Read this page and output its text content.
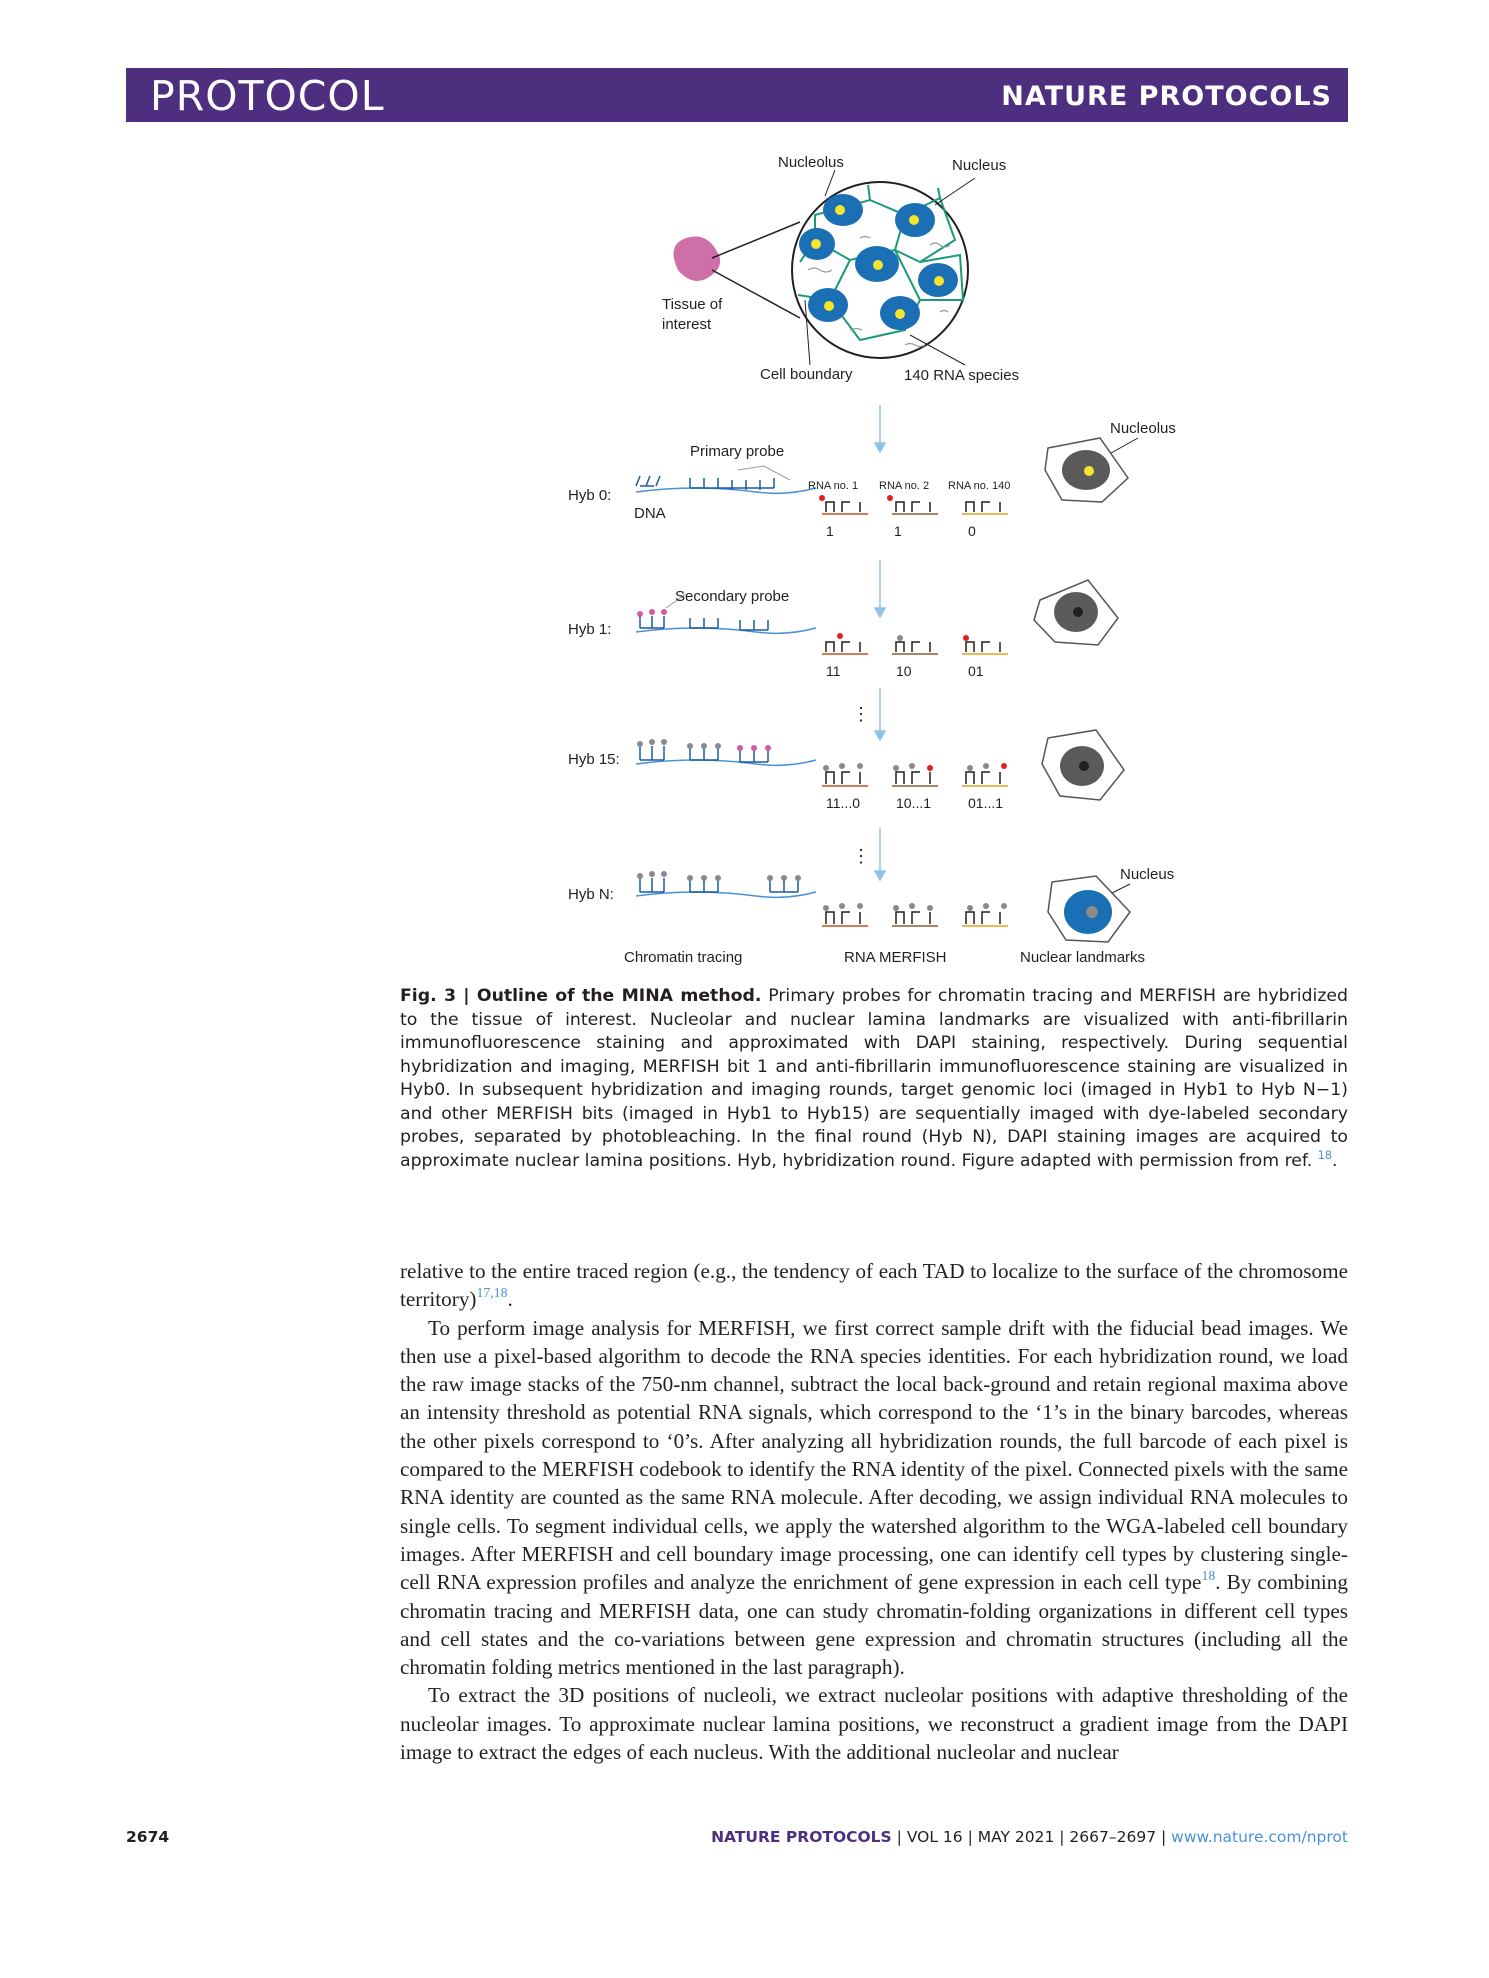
PROTOCOL	NATURE PROTOCOLS
Tissue of
interest
Nucleolus	Nucleus
Cell boundary	140 RNA species
⋮
⋮
Hyb 0:
Hyb 1:
Hyb 15:
Hyb N:
Primary probe
DNA
Secondary probe
RNA no. 1 RNA no. 2 RNA no. 140
1	1	0
11	10	01
11...0	10...1	01...1
Nucleolus
Nucleus
Chromatin tracing	RNA MERFISH	Nuclear landmarks
Fig. 3 | Outline of the MINA method. Primary probes for chromatin tracing and MERFISH are hybridized to the tissue of interest. Nucleolar and nuclear lamina landmarks are visualized with anti-fibrillarin immunofluorescence staining and approximated with DAPI staining, respectively. During sequential hybridization and imaging, MERFISH bit 1 and anti-fibrillarin immunofluorescence staining are visualized in Hyb0. In subsequent hybridization and imaging rounds, target genomic loci (imaged in Hyb1 to Hyb N−1) and other MERFISH bits (imaged in Hyb1 to Hyb15) are sequentially imaged with dye-labeled secondary probes, separated by photobleaching. In the final round (Hyb N), DAPI staining images are acquired to approximate nuclear lamina positions. Hyb, hybridization round. Figure adapted with permission from ref. $^{18}$.

relative to the entire traced region (e.g., the tendency of each TAD to localize to the surface of the chromosome territory)$^{17,18}$.

To perform image analysis for MERFISH, we first correct sample drift with the fiducial bead images. We then use a pixel-based algorithm to decode the RNA species identities. For each hybridization round, we load the raw image stacks of the 750-nm channel, subtract the local back-ground and retain regional maxima above an intensity threshold as potential RNA signals, which correspond to the ‘1’s in the binary barcodes, whereas the other pixels correspond to ‘0’s. After analyzing all hybridization rounds, the full barcode of each pixel is compared to the MERFISH codebook to identify the RNA identity of the pixel. Connected pixels with the same RNA identity are counted as the same RNA molecule. After decoding, we assign individual RNA molecules to single cells. To segment individual cells, we apply the watershed algorithm to the WGA-labeled cell boundary images. After MERFISH and cell boundary image processing, one can identify cell types by clustering single-cell RNA expression profiles and analyze the enrichment of gene expression in each cell type$^{18}$. By combining chromatin tracing and MERFISH data, one can study chromatin-folding organizations in different cell types and cell states and the co-variations between gene expression and chromatin structures (including all the chromatin folding metrics mentioned in the last paragraph).

To extract the 3D positions of nucleoli, we extract nucleolar positions with adaptive thresholding of the nucleolar images. To approximate nuclear lamina positions, we reconstruct a gradient image from the DAPI image to extract the edges of each nucleus. With the additional nucleolar and nuclear

2674	NATURE PROTOCOLS | VOL 16 | MAY 2021 | 2667–2697 | www.nature.com/nprot
